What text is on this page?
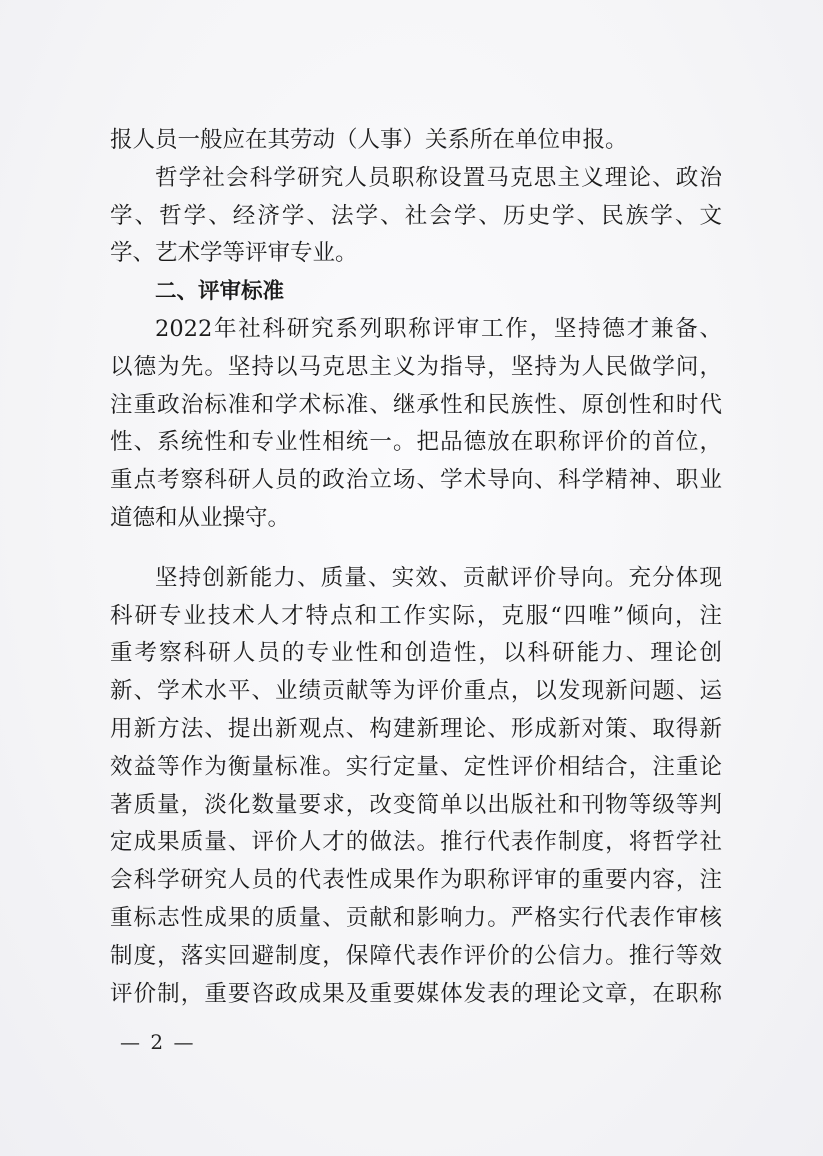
报人员一般应在其劳动（人事）关系所在单位申报。
哲学社会科学研究人员职称设置马克思主义理论、政治
学、哲学、经济学、法学、社会学、历史学、民族学、文
学、艺术学等评审专业。
二、评审标准
2022年社科研究系列职称评审工作，坚持德才兼备、
以德为先。坚持以马克思主义为指导，坚持为人民做学问，
注重政治标准和学术标准、继承性和民族性、原创性和时代
性、系统性和专业性相统一。把品德放在职称评价的首位，
重点考察科研人员的政治立场、学术导向、科学精神、职业
道德和从业操守。
坚持创新能力、质量、实效、贡献评价导向。充分体现
科研专业技术人才特点和工作实际，克服“四唯”倾向，注
重考察科研人员的专业性和创造性，以科研能力、理论创
新、学术水平、业绩贡献等为评价重点，以发现新问题、运
用新方法、提出新观点、构建新理论、形成新对策、取得新
效益等作为衡量标准。实行定量、定性评价相结合，注重论
著质量，淡化数量要求，改变简单以出版社和刊物等级等判
定成果质量、评价人才的做法。推行代表作制度，将哲学社
会科学研究人员的代表性成果作为职称评审的重要内容，注
重标志性成果的质量、贡献和影响力。严格实行代表作审核
制度，落实回避制度，保障代表作评价的公信力。推行等效
评价制，重要咨政成果及重要媒体发表的理论文章，在职称
— 2 —
